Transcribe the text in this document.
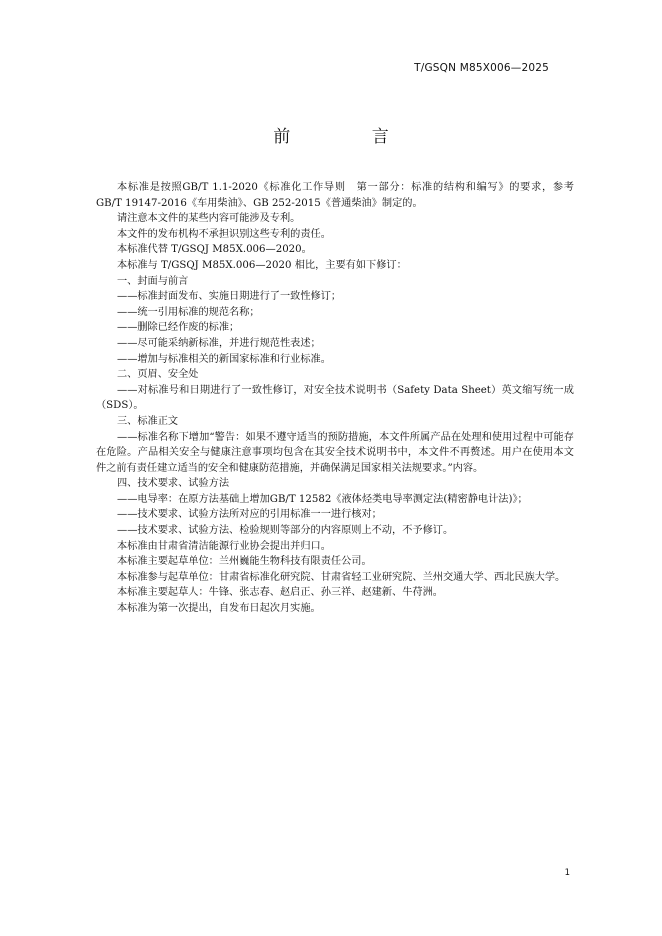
T/GSQN M85X006—2025
前 言

本标准是按照GB/T 1.1-2020《标准化工作导则　第一部分：标准的结构和编写》的要求，参考GB/T 19147-2016《车用柴油》、GB 252-2015《普通柴油》制定的。

请注意本文件的某些内容可能涉及专利。

本文件的发布机构不承担识别这些专利的责任。

本标准代替 T/GSQJ M85X.006—2020。

本标准与 T/GSQJ M85X.006—2020 相比，主要有如下修订：

一、封面与前言

——标准封面发布、实施日期进行了一致性修订；

——统一引用标准的规范名称；

——删除已经作废的标准；

——尽可能采纳新标准，并进行规范性表述；

——增加与标准相关的新国家标准和行业标准。

二、页眉、安全处

——对标准号和日期进行了一致性修订，对安全技术说明书（Safety Data Sheet）英文缩写统一成（SDS）。

三、标准正文

——标准名称下增加“警告：如果不遵守适当的预防措施，本文件所属产品在处理和使用过程中可能存在危险。产品相关安全与健康注意事项均包含在其安全技术说明书中，本文件不再赘述。用户在使用本文件之前有责任建立适当的安全和健康防范措施，并确保满足国家相关法规要求。”内容。

四、技术要求、试验方法

——电导率：在原方法基础上增加GB/T 12582《液体烃类电导率测定法(精密静电计法)》；

——技术要求、试验方法所对应的引用标准一一进行核对；

——技术要求、试验方法、检验规则等部分的内容原则上不动，不予修订。

本标准由甘肃省清洁能源行业协会提出并归口。

本标准主要起草单位：兰州巍能生物科技有限责任公司。

本标准参与起草单位：甘肃省标准化研究院、甘肃省轻工业研究院、兰州交通大学、西北民族大学。

本标准主要起草人：牛锋、张志春、赵启正、孙三祥、赵建新、牛苻洲。

本标准为第一次提出，自发布日起次月实施。

1
